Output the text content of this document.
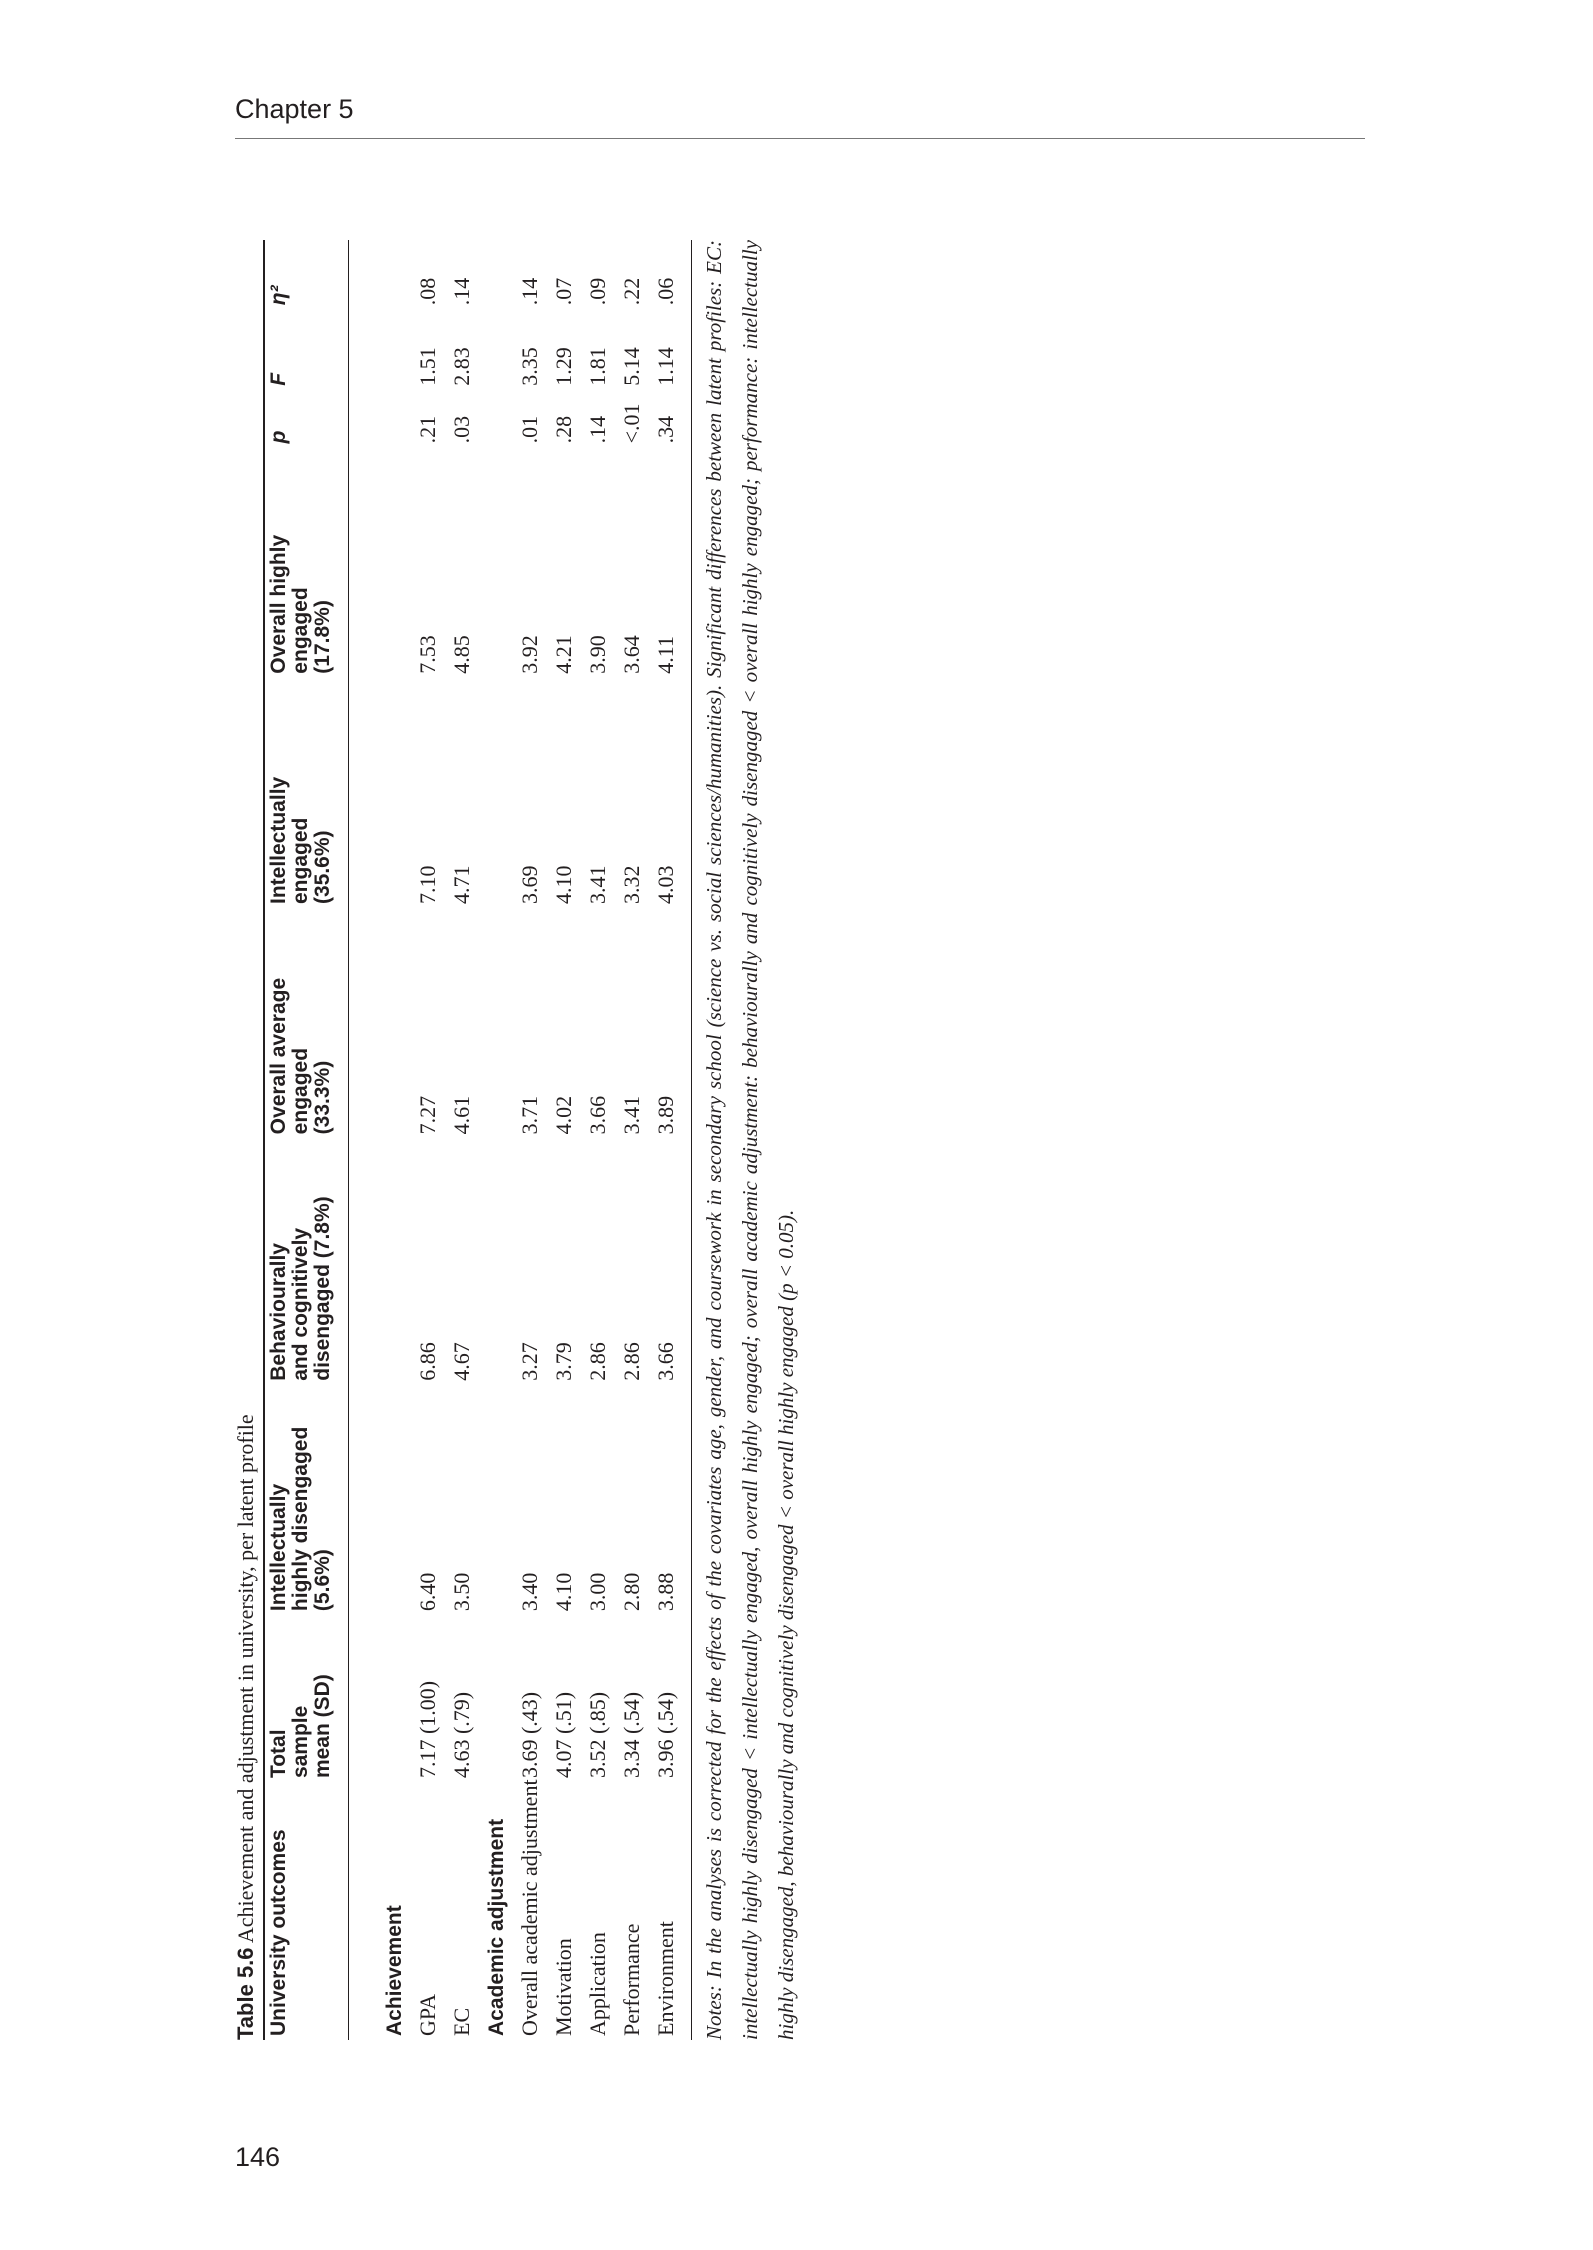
Chapter 5

Table 5.6 Achievement and adjustment in university, per latent profile University outcomes	Total sample mean (SD)	Intellectually highly disengaged (5.6%)	Behaviourally and cognitively disengaged (7.8%)	Overall average engaged (33.3%)	Intellectually engaged (35.6%)	Overall highly engaged (17.8%)	p	F	η²

Achievement									
GPA	7.17 (1.00)	6.40	6.86	7.27	7.10	7.53	.21	1.51	.08
EC	4.63 (.79)	3.50	4.67	4.61	4.71	4.85	.03	2.83	.14
Academic adjustment									
Overall academic adjustment	3.69 (.43)	3.40	3.27	3.71	3.69	3.92	.01	3.35	.14
Motivation	4.07 (.51)	4.10	3.79	4.02	4.10	4.21	.28	1.29	.07
Application	3.52 (.85)	3.00	2.86	3.66	3.41	3.90	.14	1.81	.09
Performance	3.34 (.54)	2.80	2.86	3.41	3.32	3.64	<.01	5.14	.22
Environment	3.96 (.54)	3.88	3.66	3.89	4.03	4.11	.34	1.14	.06 Notes: In the analyses is corrected for the effects of the covariates age, gender, and coursework in secondary school (science vs. social sciences/humanities). Significant differences between latent profiles: EC: intellectually highly disengaged < intellectually engaged, overall highly engaged; overall academic adjustment: behaviourally and cognitively disengaged < overall highly engaged; performance: intellectually highly disengaged, behaviourally and cognitively disengaged < overall highly engaged (p < 0.05).

146
